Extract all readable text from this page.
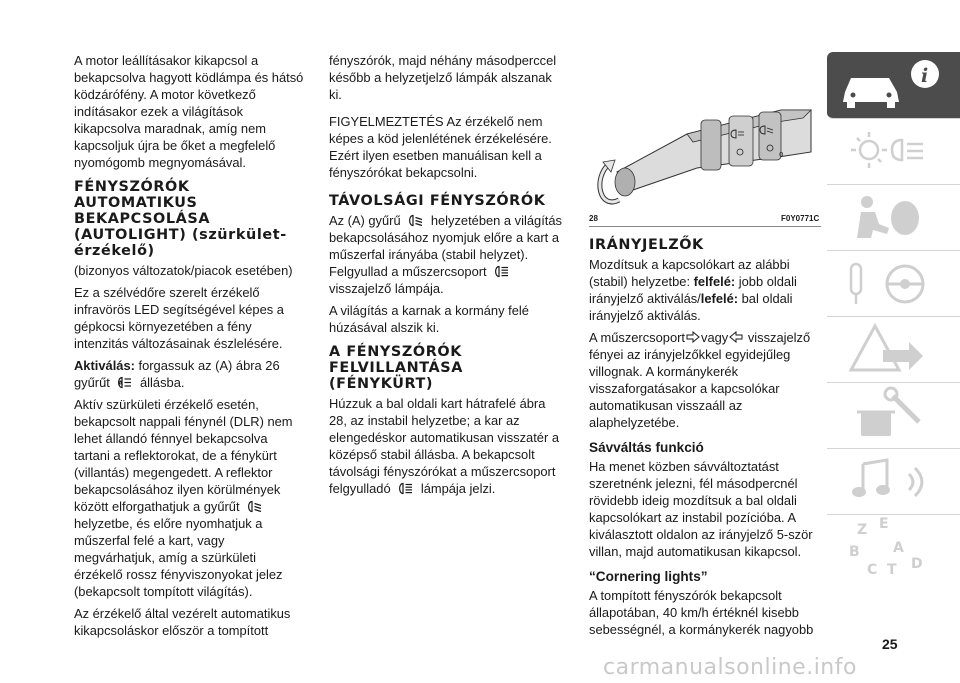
A motor leállításakor kikapcsol a bekapcsolva hagyott ködlámpa és hátsó ködzárófény. A motor következő indításakor ezek a világítások kikapcsolva maradnak, amíg nem kapcsoljuk újra be őket a megfelelő nyomógomb megnyomásával.

FÉNYSZÓRÓK AUTOMATIKUS BEKAPCSOLÁSA (AUTOLIGHT) (szürkület-érzékelő)

(bizonyos változatok/piacok esetében)

Ez a szélvédőre szerelt érzékelő infravörös LED segítségével képes a gépkocsi környezetében a fény intenzitás változásainak észlelésére.

Aktiválás: forgassuk az (A) ábra 26 gyűrűt A állásba.

Aktív szürkületi érzékelő esetén, bekapcsolt nappali fénynél (DLR) nem lehet állandó fénnyel bekapcsolva tartani a reflektorokat, de a fénykürt (villantás) megengedett. A reflektor bekapcsolásához ilyen körülmények között elforgathatjuk a gyűrűt
helyzetbe, és előre nyomhatjuk a műszerfal felé a kart, vagy megvárhatjuk, amíg a szürkületi érzékelő rossz fényviszonyokat jelez (bekapcsolt tompított világítás).

Az érzékelő által vezérelt automatikus kikapcsoláskor először a tompított

fényszórók, majd néhány másodperccel később a helyzetjelző lámpák alszanak ki.

FIGYELMEZTETÉS Az érzékelő nem képes a köd jelenlétének érzékelésére. Ezért ilyen esetben manuálisan kell a fényszórókat bekapcsolni.

TÁVOLSÁGI FÉNYSZÓRÓK

Az (A) gyűrű helyzetében a világítás bekapcsolásához nyomjuk előre a kart a műszerfal irányába (stabil helyzet). Felgyullad a műszercsoport
visszajelző lámpája.

A világítás a karnak a kormány felé húzásával alszik ki.

A FÉNYSZÓRÓK FELVILLANTÁSA (FÉNYKÜRT)

Húzzuk a bal oldali kart hátrafelé ábra 28, az instabil helyzetbe; a kar az elengedéskor automatikusan visszatér a középső stabil állásba. A bekapcsolt távolsági fényszórókat a műszercsoport felgyulladó lámpája jelzi.

0
28	F0Y0771C
IRÁNYJELZŐK

Mozdítsuk a kapcsolókart az alábbi (stabil) helyzetbe: felfelé: jobb oldali irányjelző aktiválás/lefelé: bal oldali irányjelző aktiválás.

A műszercsoport vagy visszajelző fényei az irányjelzőkkel egyidejűleg villognak. A kormánykerék visszaforgatásakor a kapcsolókar automatikusan visszaáll az alaphelyzetébe.

Sávváltás funkció

Ha menet közben sávváltoztatást szeretnénk jelezni, fél másodpercnél rövidebb ideig mozdítsuk a bal oldali kapcsolókart az instabil pozícióba. A kiválasztott oldalon az irányjelző 5-ször villan, majd automatikusan kikapcsol.

“Cornering lights”

A tompított fényszórók bekapcsolt állapotában, 40 km/h értéknél kisebb sebességnél, a kormánykerék nagyobb

i
Z E
B A
C T D
25
carmanualsonline.info
